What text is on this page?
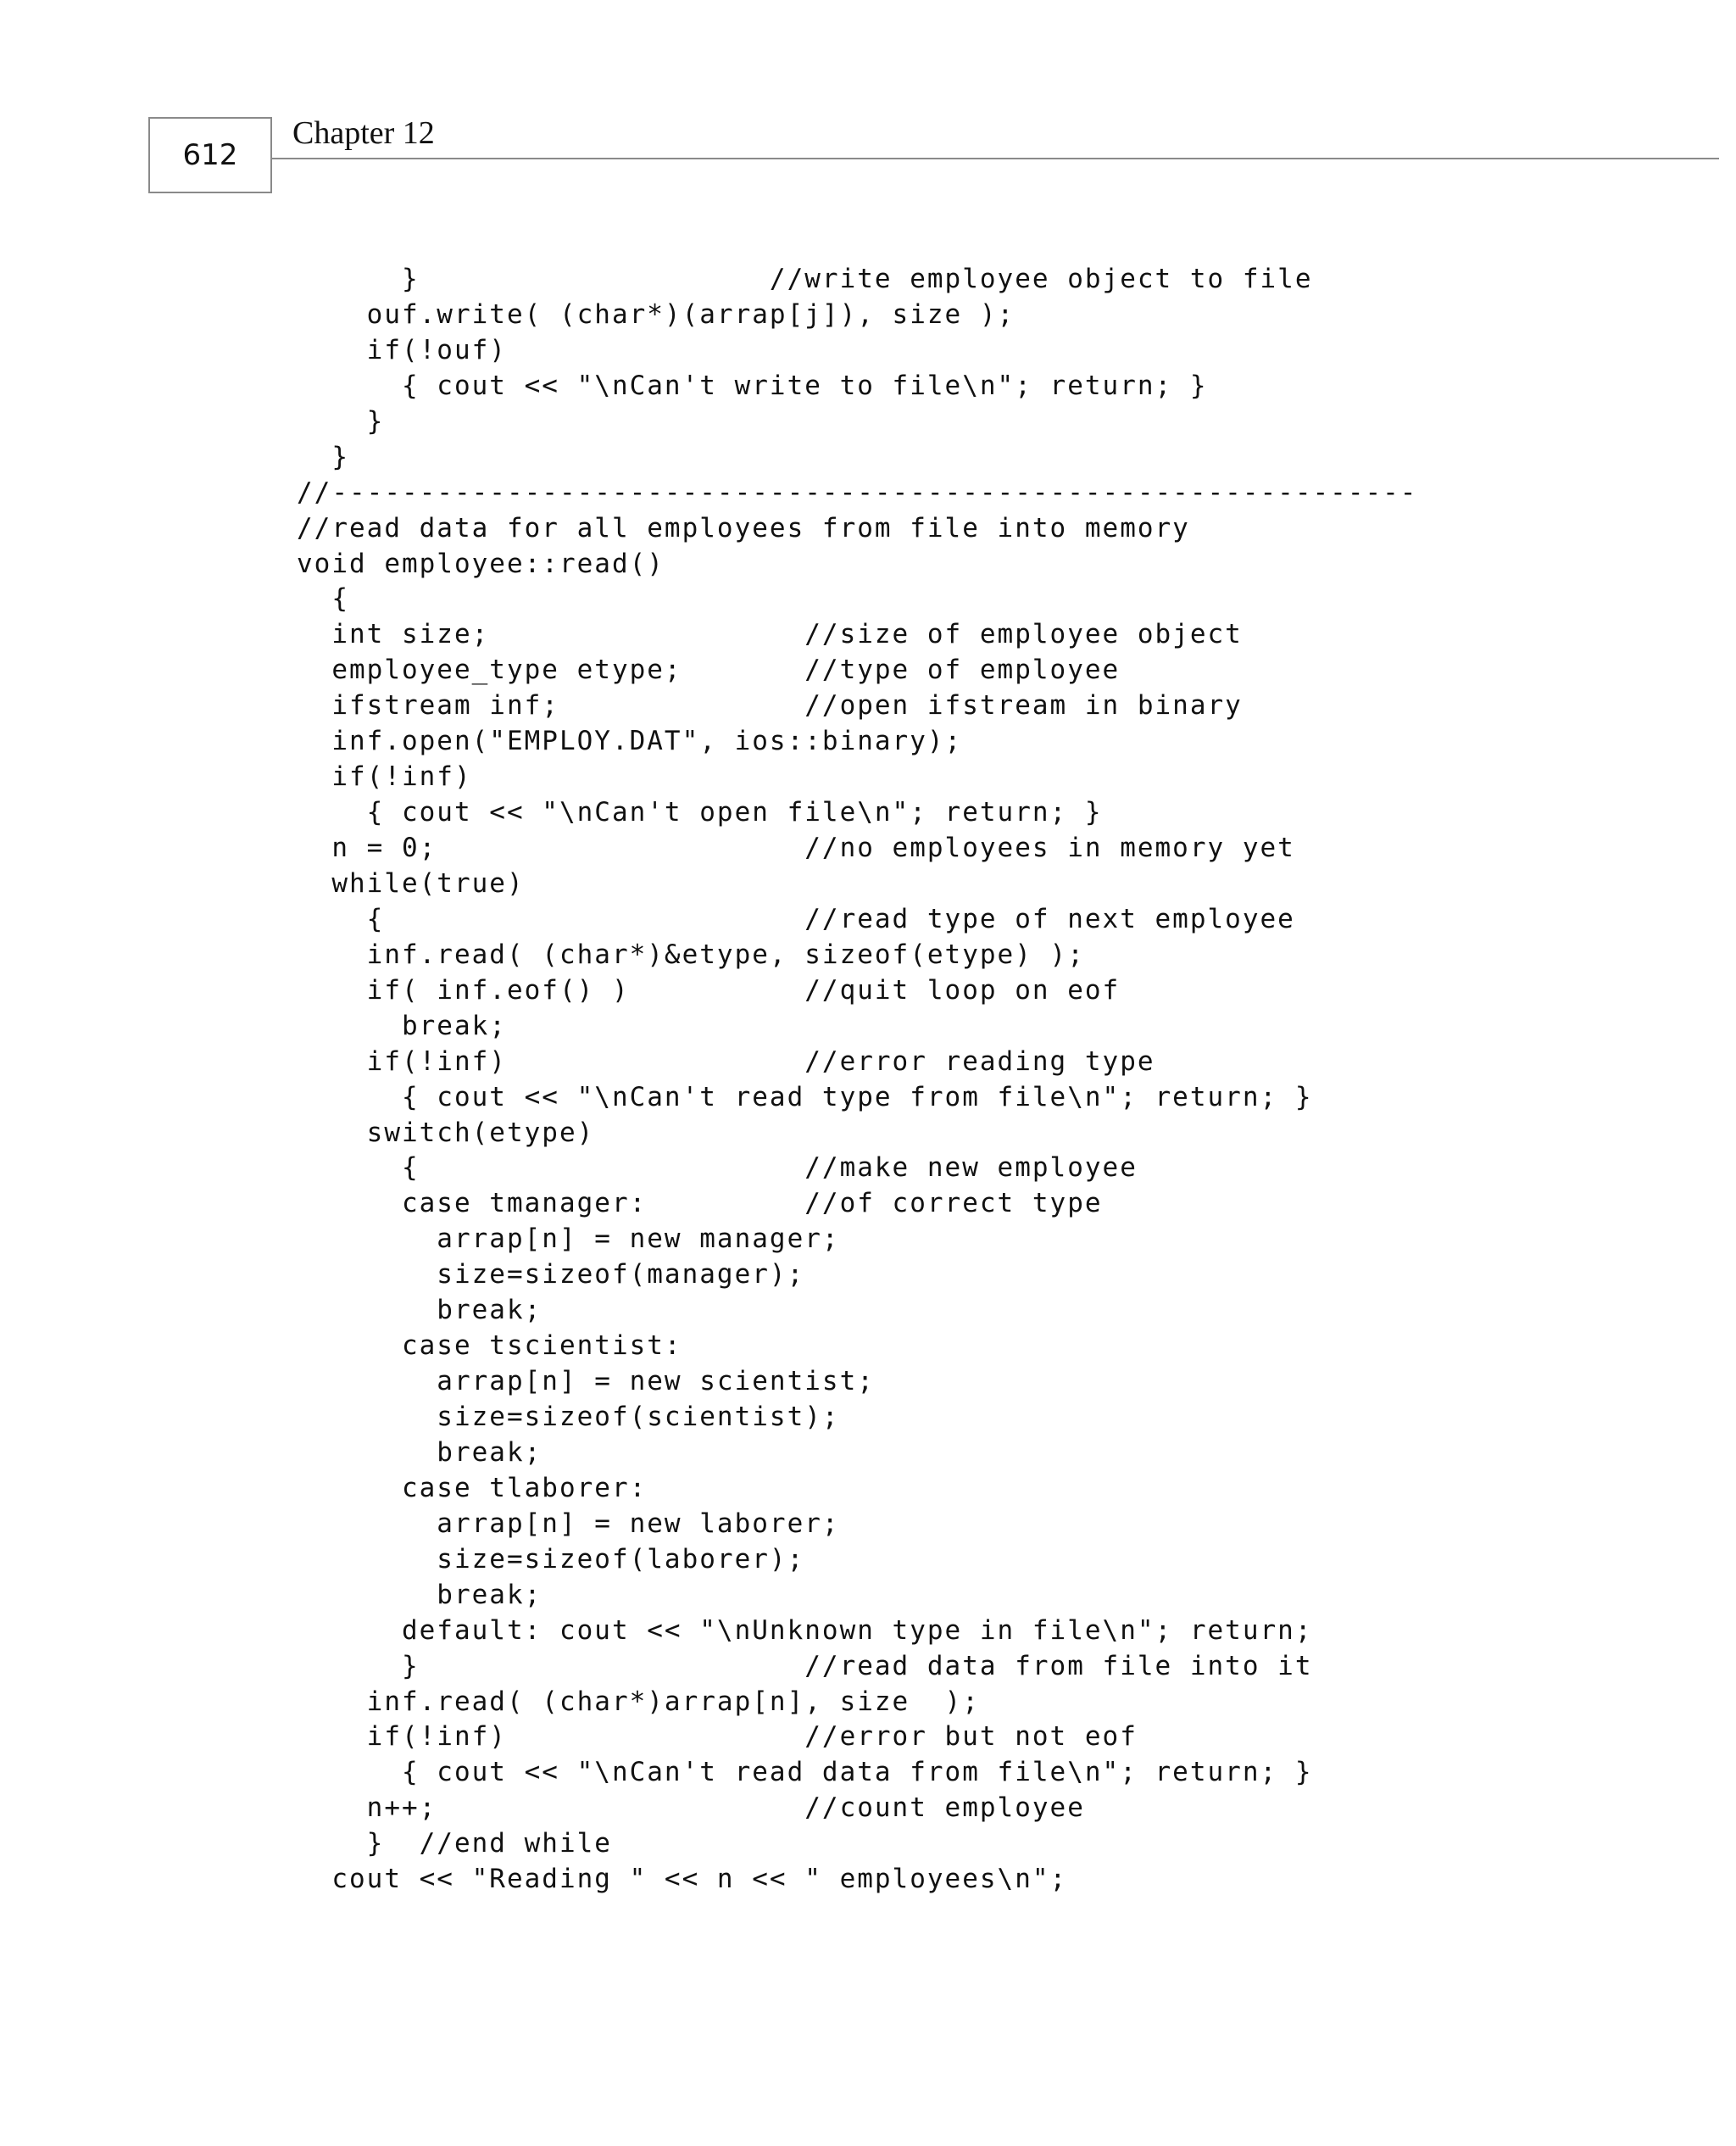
612
Chapter 12
}                    //write employee object to file
ouf.write( (char*)(arrap[j]), size );
if(!ouf)
{ cout << "\nCan't write to file\n"; return; }
}
}
//--------------------------------------------------------------
//read data for all employees from file into memory
void employee::read()
{
int size;                  //size of employee object
employee_type etype;       //type of employee
ifstream inf;              //open ifstream in binary
inf.open("EMPLOY.DAT", ios::binary);
if(!inf)
{ cout << "\nCan't open file\n"; return; }
n = 0;                     //no employees in memory yet
while(true)
{                        //read type of next employee
inf.read( (char*)&etype, sizeof(etype) );
if( inf.eof() )          //quit loop on eof
break;
if(!inf)                 //error reading type
{ cout << "\nCan't read type from file\n"; return; }
switch(etype)
{                      //make new employee
case tmanager:         //of correct type
arrap[n] = new manager;
size=sizeof(manager);
break;
case tscientist:
arrap[n] = new scientist;
size=sizeof(scientist);
break;
case tlaborer:
arrap[n] = new laborer;
size=sizeof(laborer);
break;
default: cout << "\nUnknown type in file\n"; return;
}                      //read data from file into it
inf.read( (char*)arrap[n], size  );
if(!inf)                 //error but not eof
{ cout << "\nCan't read data from file\n"; return; }
n++;                     //count employee
}  //end while
cout << "Reading " << n << " employees\n";
